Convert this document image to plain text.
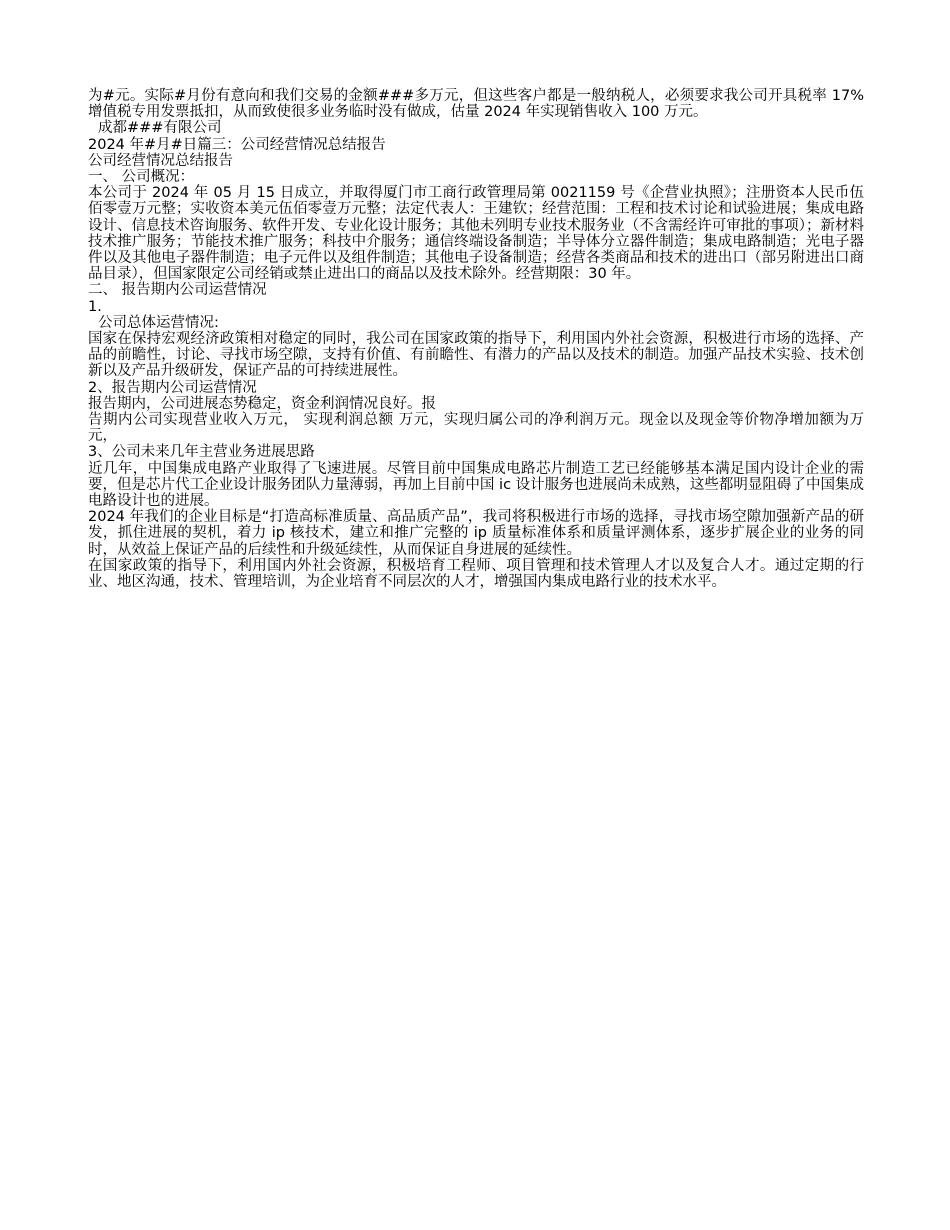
为#元。实际#月份有意向和我们交易的金额###多万元，但这些客户都是一般纳税人，必须要求我公司开具税率 17%增值税专用发票抵扣，从而致使很多业务临时没有做成，估量 2024 年实现销售收入 100 万元。

成都###有限公司

2024 年#月#日篇三：公司经营情况总结报告

公司经营情况总结报告

一、 公司概况：

本公司于 2024 年 05 月 15 日成立，并取得厦门市工商行政管理局第 0021159 号《企营业执照》；注册资本人民币伍佰零壹万元整；实收资本美元伍佰零壹万元整；法定代表人：王建钦；经营范围：工程和技术讨论和试验进展；集成电路设计、信息技术咨询服务、软件开发、专业化设计服务；其他未列明专业技术服务业（不含需经许可审批的事项）；新材料技术推广服务；节能技术推广服务；科技中介服务；通信终端设备制造；半导体分立器件制造；集成电路制造；光电子器件以及其他电子器件制造；电子元件以及组件制造；其他电子设备制造；经营各类商品和技术的进出口（部另附进出口商品目录），但国家限定公司经销或禁止进出口的商品以及技术除外。经营期限：30 年。

二、 报告期内公司运营情况

1.

公司总体运营情况:

国家在保持宏观经济政策相对稳定的同时，我公司在国家政策的指导下，利用国内外社会资源，积极进行市场的选择、产品的前瞻性，讨论、寻找市场空隙，支持有价值、有前瞻性、有潜力的产品以及技术的制造。加强产品技术实验、技术创新以及产品升级研发，保证产品的可持续进展性。

2、报告期内公司运营情况

报告期内，公司进展态势稳定，资金利润情况良好。报

告期内公司实现营业收入万元， 实现利润总额 万元，实现归属公司的净利润万元。现金以及现金等价物净增加额为万元，

3、公司未来几年主营业务进展思路

近几年，中国集成电路产业取得了飞速进展。尽管目前中国集成电路芯片制造工艺已经能够基本满足国内设计企业的需要，但是芯片代工企业设计服务团队力量薄弱，再加上目前中国 ic 设计服务也进展尚未成熟，这些都明显阻碍了中国集成电路设计也的进展。

2024 年我们的企业目标是“打造高标准质量、高品质产品”，我司将积极进行市场的选择，寻找市场空隙加强新产品的研发，抓住进展的契机，着力 ip 核技术，建立和推广完整的 ip 质量标准体系和质量评测体系，逐步扩展企业的业务的同时，从效益上保证产品的后续性和升级延续性，从而保证自身进展的延续性。

在国家政策的指导下，利用国内外社会资源，积极培育工程师、项目管理和技术管理人才以及复合人才。通过定期的行业、地区沟通，技术、管理培训，为企业培育不同层次的人才，增强国内集成电路行业的技术水平。
